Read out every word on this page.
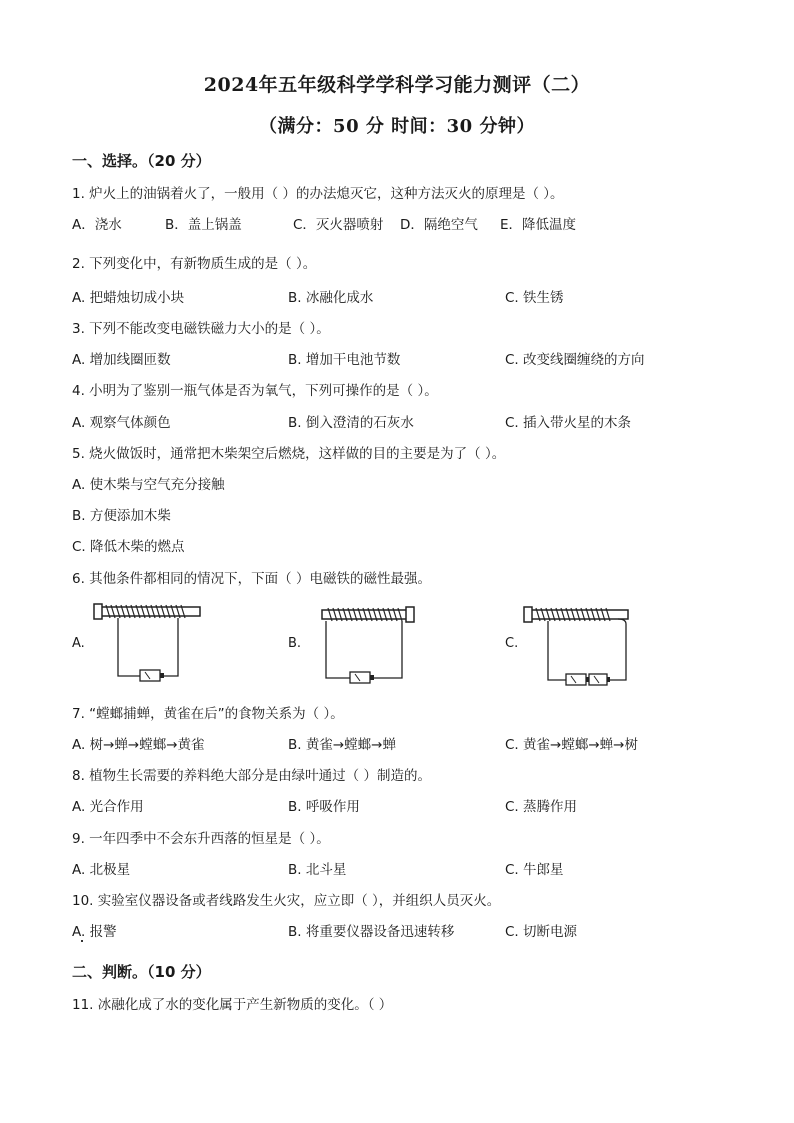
2024年五年级科学学科学习能力测评（二）
（满分：50 分 时间：30 分钟）
一、选择。（20 分）
1. 炉火上的油锅着火了，一般用（ ）的办法熄灭它，这种方法灭火的原理是（ ）。
A．浇水	B．盖上锅盖	C．灭火器喷射 D．隔绝空气 E．降低温度
2. 下列变化中，有新物质生成的是（ ）。
A. 把蜡烛切成小块	B. 冰融化成水	C. 铁生锈
3. 下列不能改变电磁铁磁力大小的是（ ）。
A. 增加线圈匝数	B. 增加干电池节数	C. 改变线圈缠绕的方向
4. 小明为了鉴别一瓶气体是否为氧气，下列可操作的是（ ）。
A. 观察气体颜色	B. 倒入澄清的石灰水	C. 插入带火星的木条
5. 烧火做饭时，通常把木柴架空后燃烧，这样做的目的主要是为了（ ）。
A. 使木柴与空气充分接触
B. 方便添加木柴
C. 降低木柴的燃点
6. 其他条件都相同的情况下，下面（ ）电磁铁的磁性最强。
A.	B.	C.
7. “螳螂捕蝉，黄雀在后”的食物关系为（ ）。
A. 树→蝉→螳螂→黄雀	B. 黄雀→螳螂→蝉	C. 黄雀→螳螂→蝉→树
8. 植物生长需要的养料绝大部分是由绿叶通过（ ）制造的。
A. 光合作用	B. 呼吸作用	C. 蒸腾作用
9. 一年四季中不会东升西落的恒星是（ ）。
A. 北极星	B. 北斗星	C. 牛郎星
10. 实验室仪器设备或者线路发生火灾，应立即（ ），并组织人员灭火。
A. 报警	B. 将重要仪器设备迅速转移	C. 切断电源
二、判断。（10 分）
11. 冰融化成了水的变化属于产生新物质的变化。（ ）
